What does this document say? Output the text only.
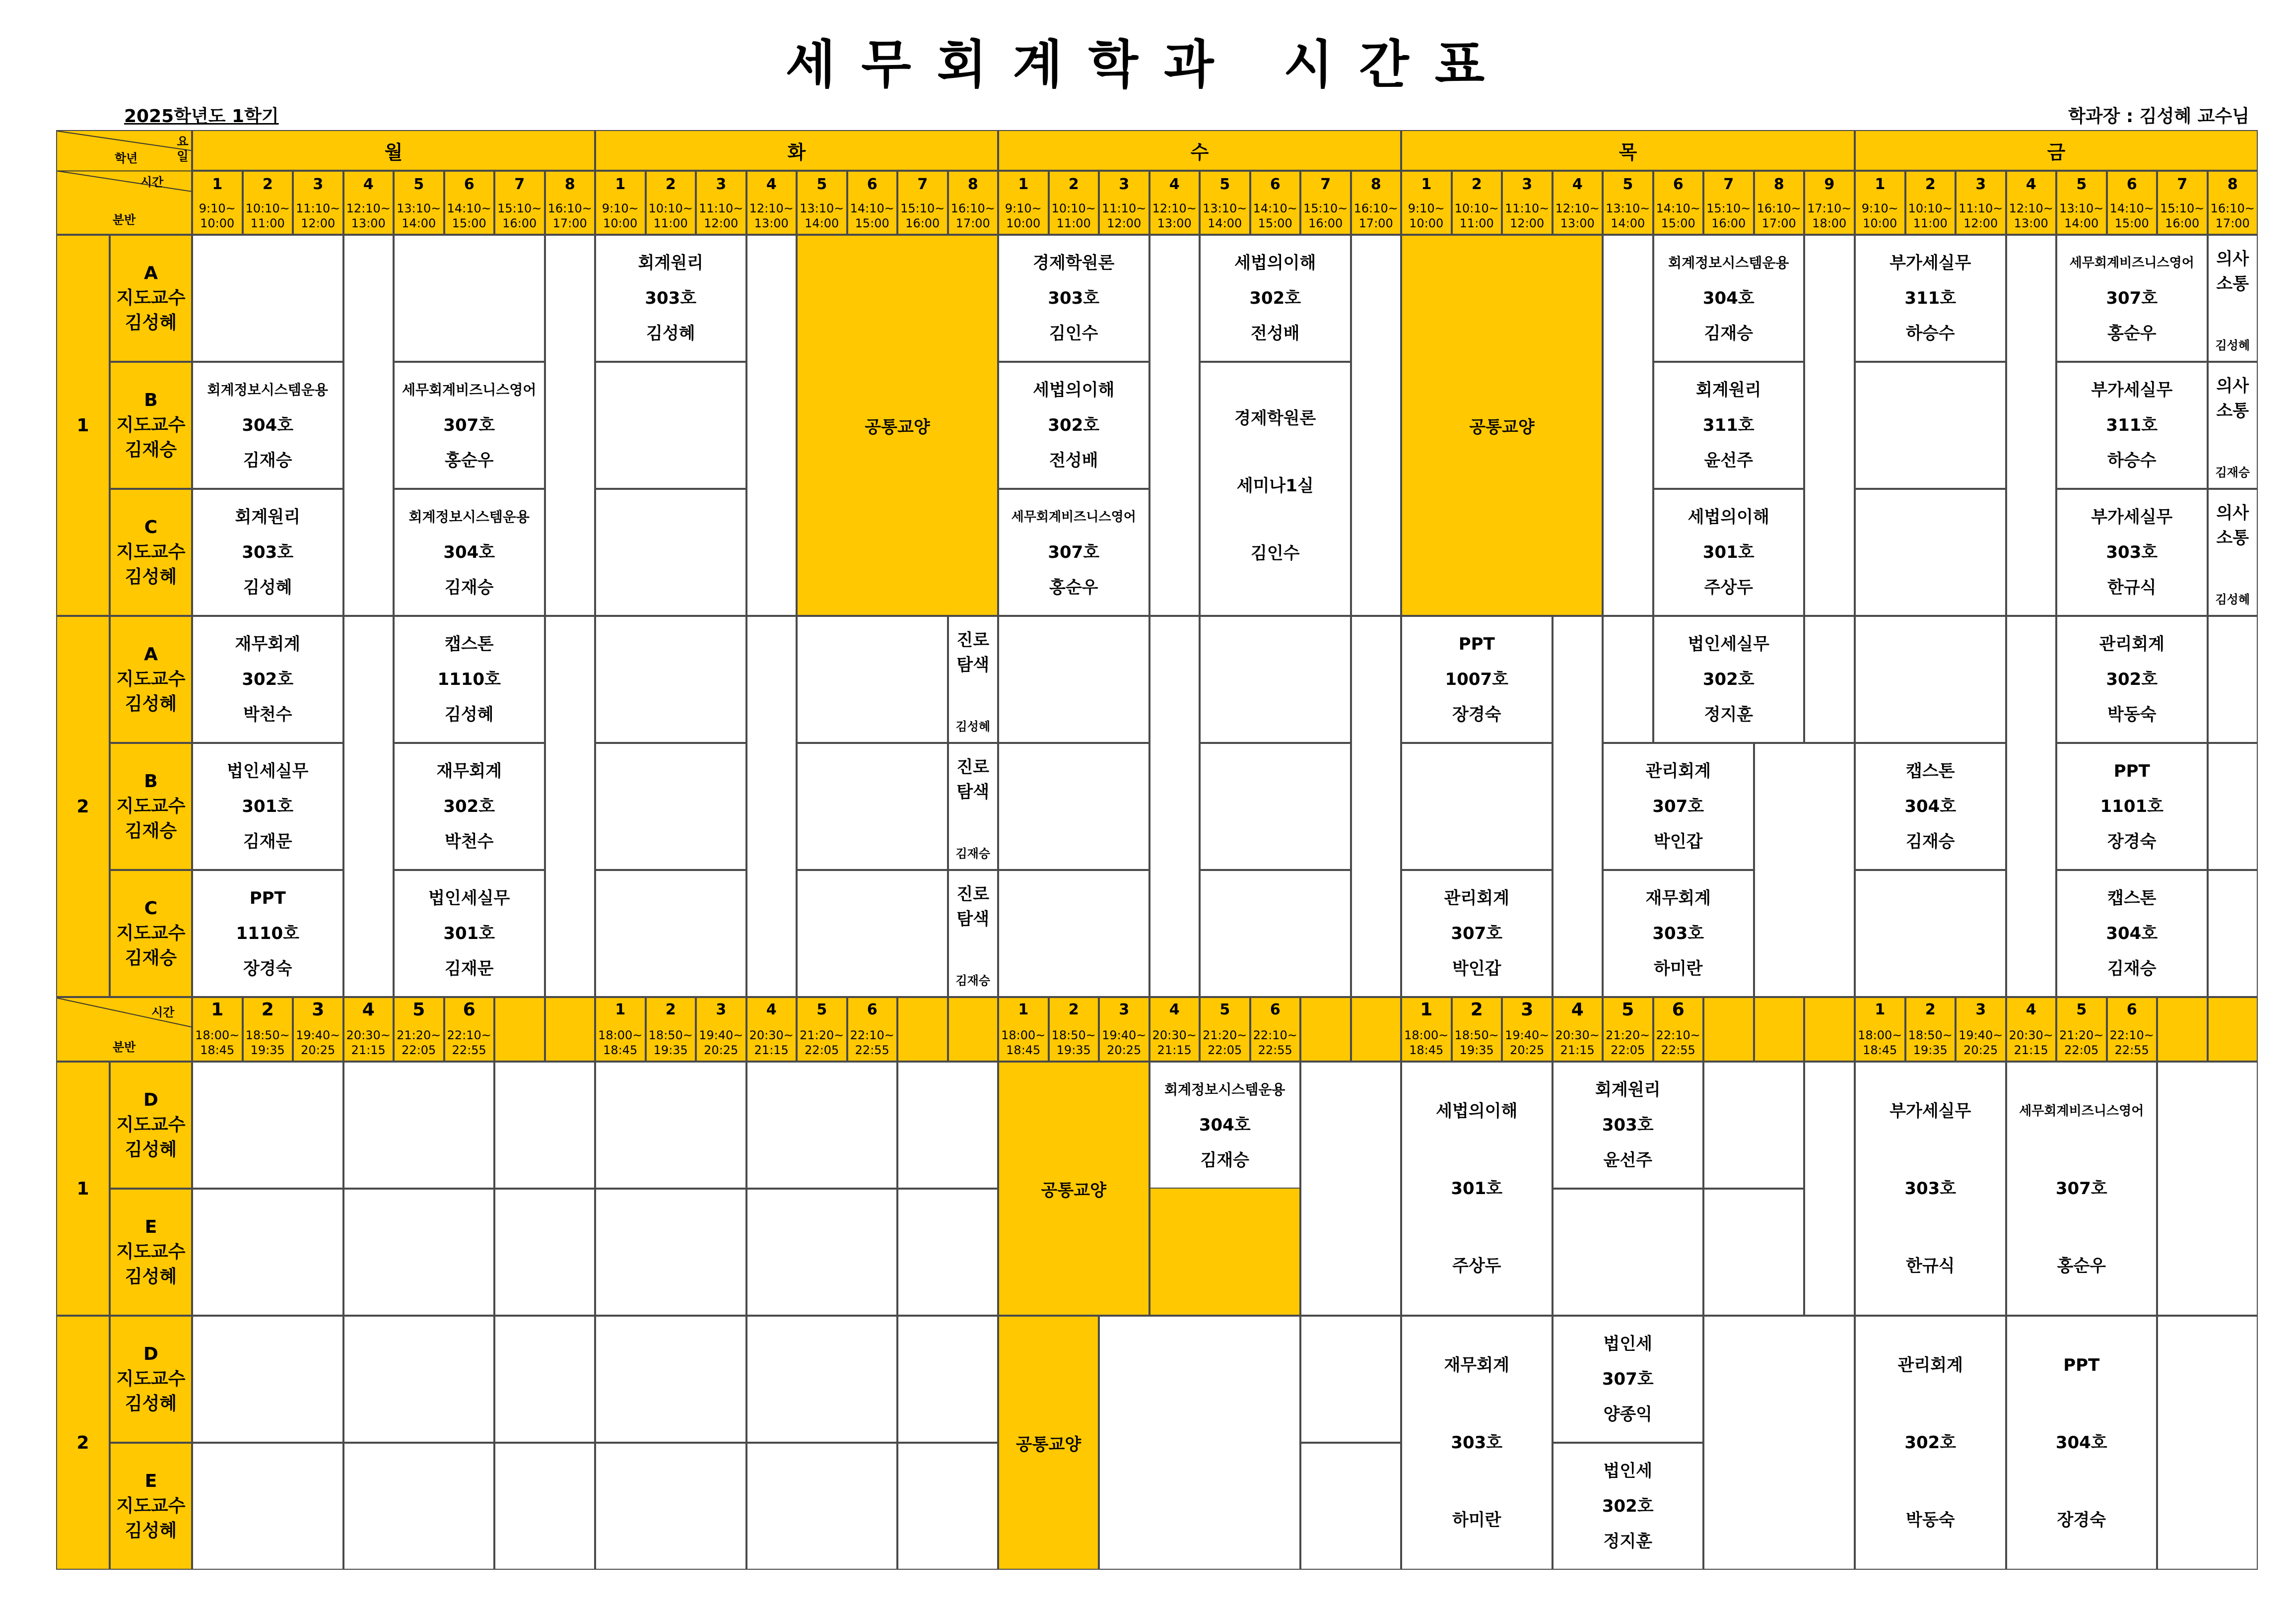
세무회계학과 시간표
2025학년도 1학기	학과장 : 김성혜 교수님
요일
학년
시간
분반
월
1
9:10~
10:00
2
10:10~
11:00
3
11:10~
12:00
4
12:10~
13:00
5
13:10~
14:00
6
14:10~
15:00
7
15:10~
16:00
8
16:10~
17:00
화
1
9:10~
10:00
2
10:10~
11:00
3
11:10~
12:00
4
12:10~
13:00
5
13:10~
14:00
6
14:10~
15:00
7
15:10~
16:00
8
16:10~
17:00
수
1
9:10~
10:00
2
10:10~
11:00
3
11:10~
12:00
4
12:10~
13:00
5
13:10~
14:00
6
14:10~
15:00
7
15:10~
16:00
8
16:10~
17:00
목
1
9:10~
10:00
2
10:10~
11:00
3
11:10~
12:00
4
12:10~
13:00
5
13:10~
14:00
6
14:10~
15:00
7
15:10~
16:00
8
16:10~
17:00
9
17:10~
18:00
금
1
9:10~
10:00
2
10:10~
11:00
3
11:10~
12:00
4
12:10~
13:00
5
13:10~
14:00
6
14:10~
15:00
7
15:10~
16:00
8
16:10~
17:00
1
A
지도교수
김성혜
B
지도교수
김재승
C
지도교수
김성혜
2
A
지도교수
김성혜
B
지도교수
김재승
C
지도교수
김재승
회계정보시스템운용
304호
김재승
회계원리
303호
김성혜
세무회계비즈니스영어
307호
홍순우
회계정보시스템운용
304호
김재승
재무회계
302호
박천수
법인세실무
301호
김재문
PPT
1110호
장경숙
캡스톤
1110호
김성혜
재무회계
302호
박천수
법인세실무
301호
김재문
회계원리
303호
김성혜
공통교양
진로
탐색
김성혜
진로
탐색
김재승
진로
탐색
김재승
경제학원론
303호
김인수
세법의이해
302호
전성배
세무회계비즈니스영어
307호
홍순우
세법의이해
302호
전성배
경제학원론
세미나1실
김인수
공통교양
회계정보시스템운용
304호
김재승
회계원리
311호
윤선주
세법의이해
301호
주상두
PPT
1007호
장경숙
관리회계
307호
박인갑
법인세실무
302호
정지훈
관리회계
307호
박인갑
재무회계
303호
하미란
부가세실무
311호
하승수
세무회계비즈니스영어
307호
홍순우
부가세실무
311호
하승수
부가세실무
303호
한규식
의사
소통
김성혜
의사
소통
김재승
의사
소통
김성혜
캡스톤
304호
김재승
관리회계
302호
박동숙
PPT
1101호
장경숙
캡스톤
304호
김재승
시간
분반
1
18:00~
18:45
2
18:50~
19:35
3
19:40~
20:25
4
20:30~
21:15
5
21:20~
22:05
6
22:10~
22:55
1
18:00~
18:45
2
18:50~
19:35
3
19:40~
20:25
4
20:30~
21:15
5
21:20~
22:05
6
22:10~
22:55
1
18:00~
18:45
2
18:50~
19:35
3
19:40~
20:25
4
20:30~
21:15
5
21:20~
22:05
6
22:10~
22:55
1
18:00~
18:45
2
18:50~
19:35
3
19:40~
20:25
4
20:30~
21:15
5
21:20~
22:05
6
22:10~
22:55
1
18:00~
18:45
2
18:50~
19:35
3
19:40~
20:25
4
20:30~
21:15
5
21:20~
22:05
6
22:10~
22:55
1
D
지도교수
김성혜
E
지도교수
김성혜
2
D
지도교수
김성혜
E
지도교수
김성혜
공통교양
회계정보시스템운용
304호
김재승
공통교양
세법의이해
301호
주상두
회계원리
303호
윤선주
재무회계
303호
하미란
법인세
307호
양종익
법인세
302호
정지훈
부가세실무
303호
한규식
세무회계비즈니스영어
307호
홍순우
관리회계
302호
박동숙
PPT
304호
장경숙
